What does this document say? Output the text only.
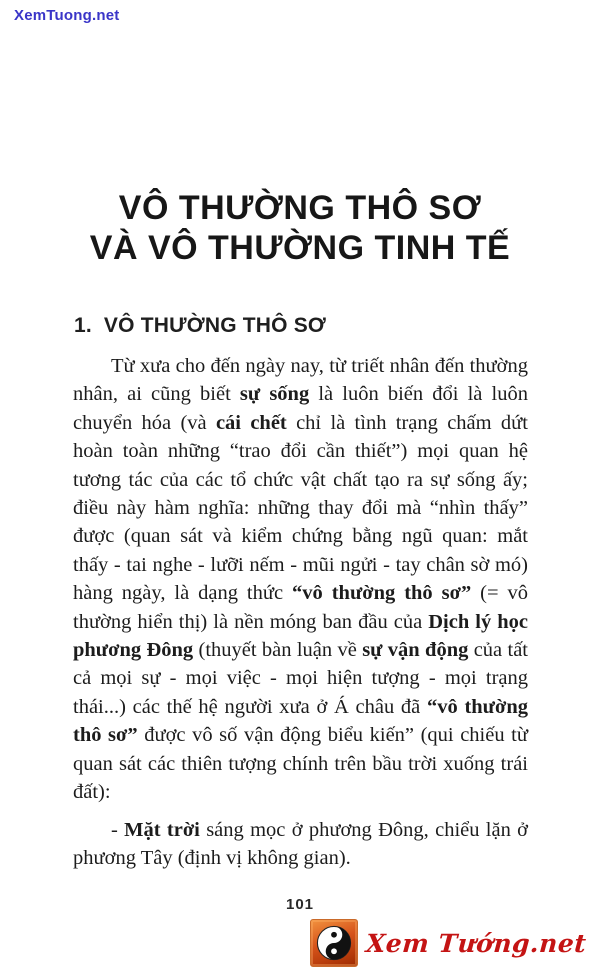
XemTuong.net
VÔ THƯỜNG THÔ SƠ
VÀ VÔ THƯỜNG TINH TẾ
1. VÔ THƯỜNG THÔ SƠ

Từ xưa cho đến ngày nay, từ triết nhân đến thường nhân, ai cũng biết sự sống là luôn biến đổi là luôn chuyển hóa (và cái chết chỉ là tình trạng chấm dứt hoàn toàn những “trao đổi cần thiết”) mọi quan hệ tương tác của các tổ chức vật chất tạo ra sự sống ấy; điều này hàm nghĩa: những thay đổi mà “nhìn thấy” được (quan sát và kiểm chứng bằng ngũ quan: mắt thấy - tai nghe - lưỡi nếm - mũi ngửi - tay chân sờ mó) hàng ngày, là dạng thức “vô thường thô sơ” (= vô thường hiển thị) là nền móng ban đầu của Dịch lý học phương Đông (thuyết bàn luận về sự vận động của tất cả mọi sự - mọi việc - mọi hiện tượng - mọi trạng thái...) các thế hệ người xưa ở Á châu đã “vô thường thô sơ” được vô số vận động biểu kiến” (qui chiếu từ quan sát các thiên tượng chính trên bầu trời xuống trái đất):

- Mặt trời sáng mọc ở phương Đông, chiểu lặn ở phương Tây (định vị không gian).

101
Xem Tướng.net
